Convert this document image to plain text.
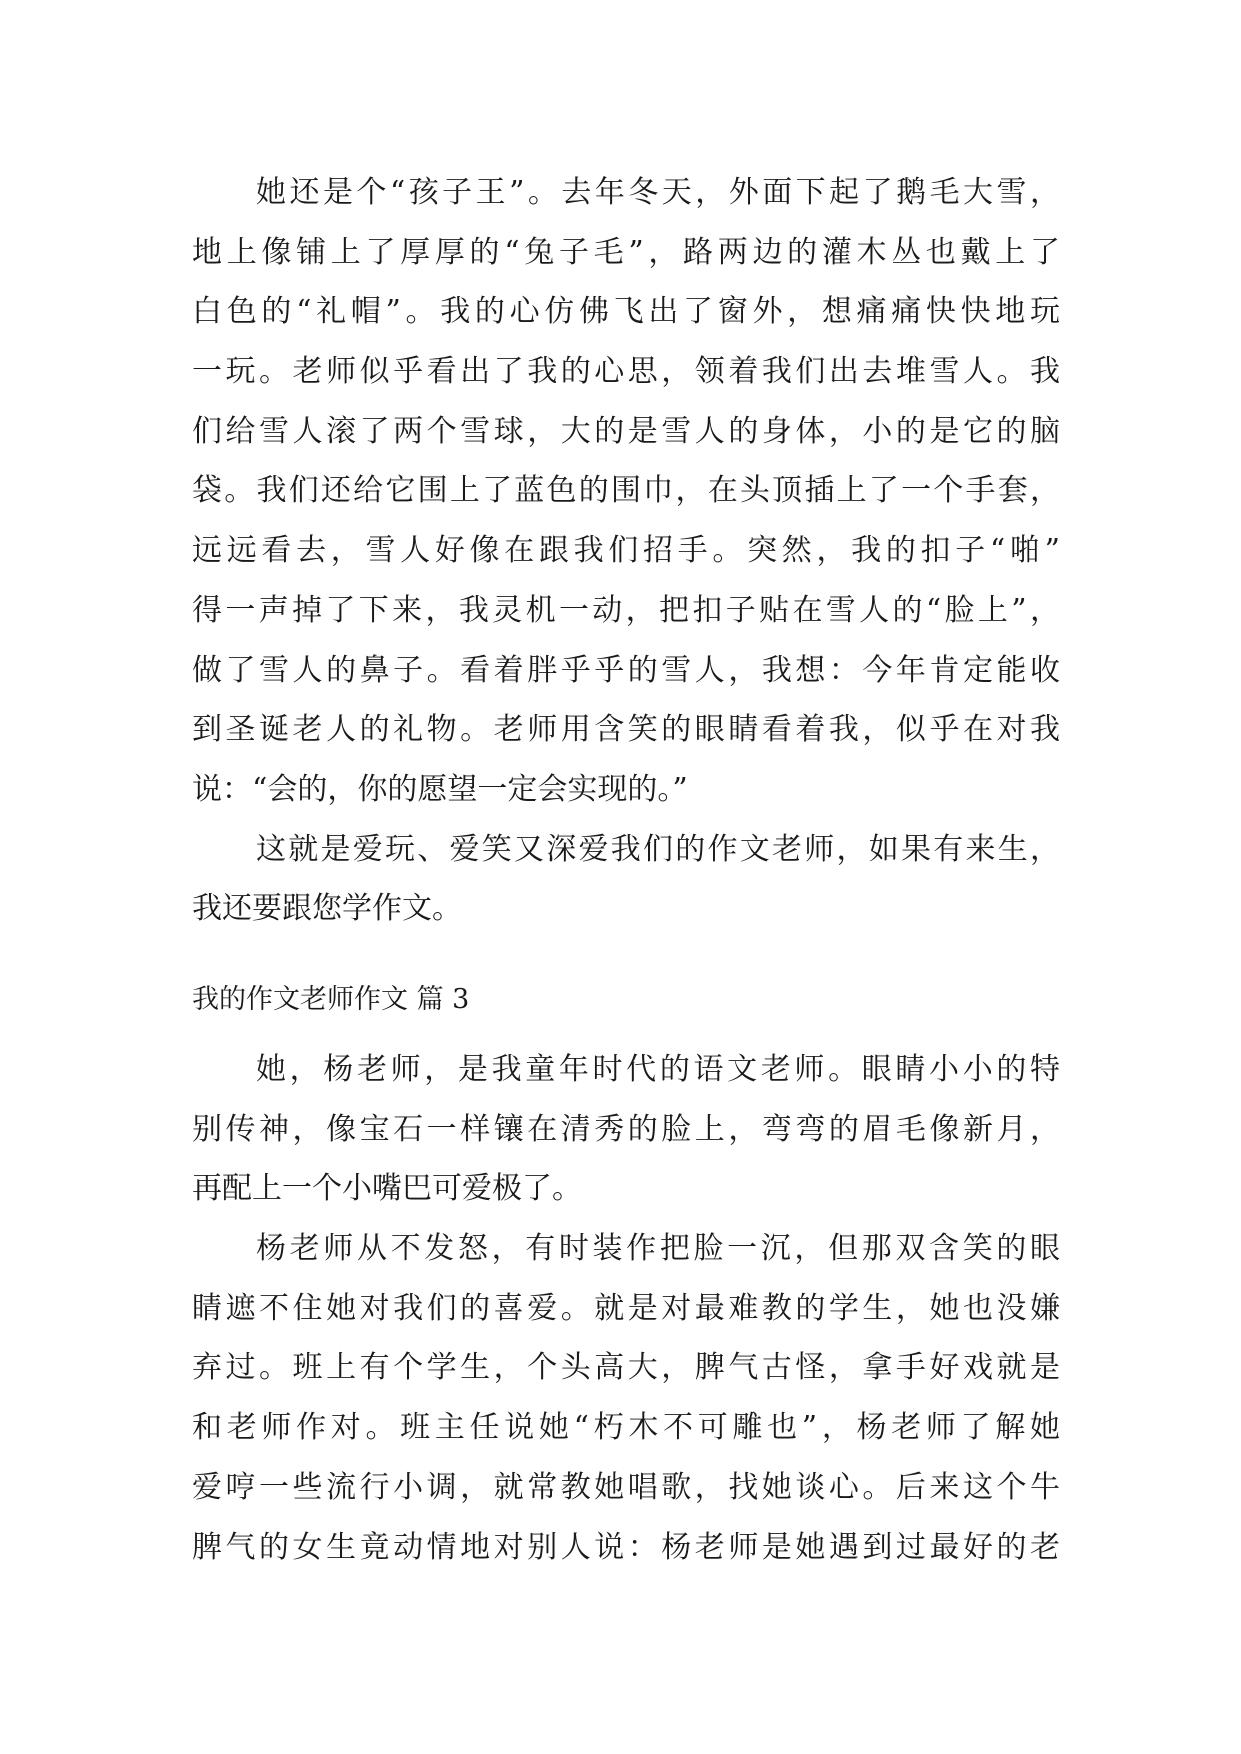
她还是个“孩子王”。去年冬天，外面下起了鹅毛大雪，
地上像铺上了厚厚的“兔子毛”，路两边的灌木丛也戴上了
白色的“礼帽”。我的心仿佛飞出了窗外，想痛痛快快地玩
一玩。老师似乎看出了我的心思，领着我们出去堆雪人。我
们给雪人滚了两个雪球，大的是雪人的身体，小的是它的脑
袋。我们还给它围上了蓝色的围巾，在头顶插上了一个手套，
远远看去，雪人好像在跟我们招手。突然，我的扣子“啪”
得一声掉了下来，我灵机一动，把扣子贴在雪人的“脸上”，
做了雪人的鼻子。看着胖乎乎的雪人，我想：今年肯定能收
到圣诞老人的礼物。老师用含笑的眼睛看着我，似乎在对我
说：“会的，你的愿望一定会实现的。”
这就是爱玩、爱笑又深爱我们的作文老师，如果有来生，
我还要跟您学作文。
我的作文老师作文 篇 3
她，杨老师，是我童年时代的语文老师。眼睛小小的特
别传神，像宝石一样镶在清秀的脸上，弯弯的眉毛像新月，
再配上一个小嘴巴可爱极了。
杨老师从不发怒，有时装作把脸一沉，但那双含笑的眼
睛遮不住她对我们的喜爱。就是对最难教的学生，她也没嫌
弃过。班上有个学生，个头高大，脾气古怪，拿手好戏就是
和老师作对。班主任说她“朽木不可雕也”，杨老师了解她
爱哼一些流行小调，就常教她唱歌，找她谈心。后来这个牛
脾气的女生竟动情地对别人说：杨老师是她遇到过最好的老
